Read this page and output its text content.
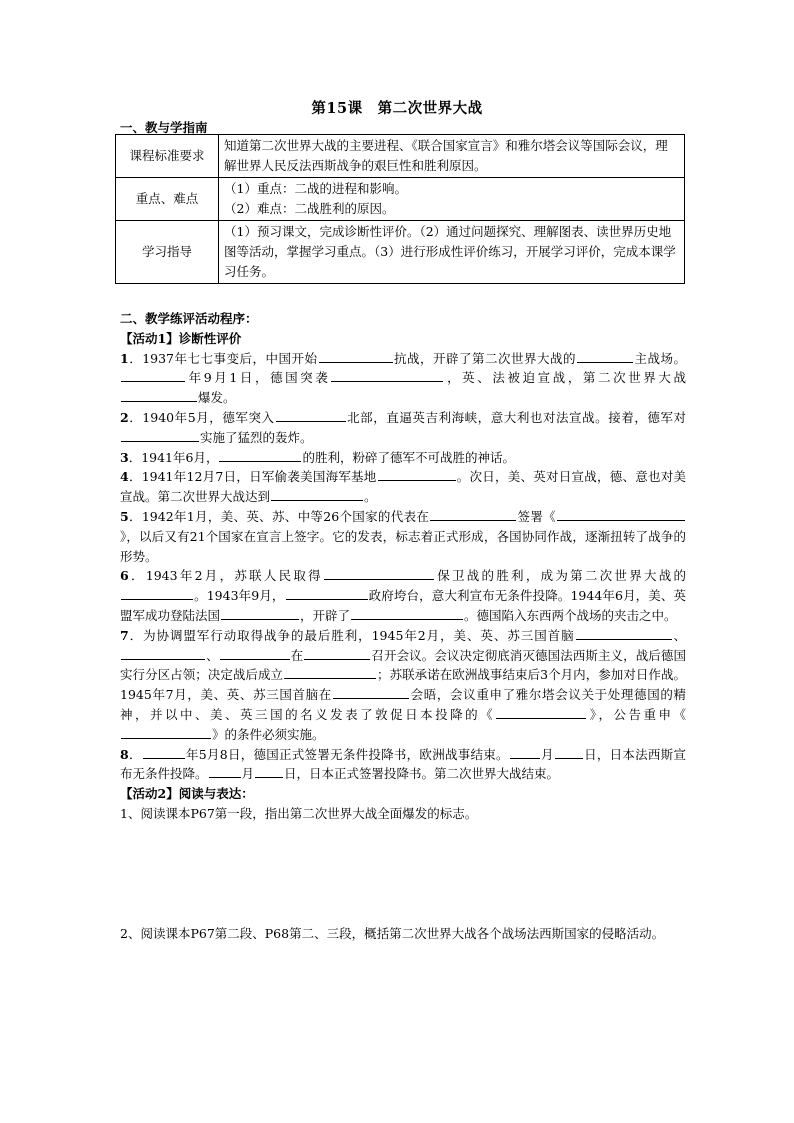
第15课　第二次世界大战
一、教与学指南
课程标准要求	知道第二次世界大战的主要进程、《联合国家宣言》和雅尔塔会议等国际会议，理解世界人民反法西斯战争的艰巨性和胜利原因。
重点、难点	（1）重点：二战的进程和影响。
（2）难点：二战胜利的原因。

学习指导	（1）预习课文，完成诊断性评价。（2）通过问题探究、理解图表、读世界历史地图等活动，掌握学习重点。（3）进行形成性评价练习，开展学习评价，完成本课学习任务。

二、教学练评活动程序：

【活动1】诊断性评价

1．1937年七七事变后，中国开始	抗战，开辟了第二次世界大战的	主战场。年9月1日，德国突袭	，英、法被迫宣战，第二次世界大战爆发。

2．1940年5月，德军突入	北部，直逼英吉利海峡，意大利也对法宣战。接着，德军对实施了猛烈的轰炸。

3．1941年6月，	的胜利，粉碎了德军不可战胜的神话。

4．1941年12月7日，日军偷袭美国海军基地	。次日，美、英对日宣战，德、意也对美宣战。第二次世界大战达到	。

5．1942年1月，美、英、苏、中等26个国家的代表在	签署《》，以后又有21个国家在宣言上签字。它的发表，标志着正式形成，各国协同作战，逐渐扭转了战争的形势。

6．1943年2月，苏联人民取得	保卫战的胜利，成为第二次世界大战的。1943年9月，	政府垮台，意大利宣布无条件投降。1944年6月，美、英盟军成功登陆法国	，开辟了	。德国陷入东西两个战场的夹击之中。

7．为协调盟军行动取得战争的最后胜利，1945年2月，美、英、苏三国首脑	、、	在	召开会议。会议决定彻底消灭德国法西斯主义，战后德国实行分区占领；决定战后成立	；苏联承诺在欧洲战事结束后3个月内，参加对日作战。1945年7月，美、英、苏三国首脑在	会晤，会议重申了雅尔塔会议关于处理德国的精神，并以中、美、英三国的名义发表了敦促日本投降的《	》，公告重申《》的条件必须实施。

8．	年5月8日，德国正式签署无条件投降书，欧洲战事结束。	月 日，日本法西斯宣布无条件投降。	月 日，日本正式签署投降书。第二次世界大战结束。

【活动2】阅读与表达：

1、阅读课本P67第一段，指出第二次世界大战全面爆发的标志。

2、阅读课本P67第二段、P68第二、三段，概括第二次世界大战各个战场法西斯国家的侵略活动。
